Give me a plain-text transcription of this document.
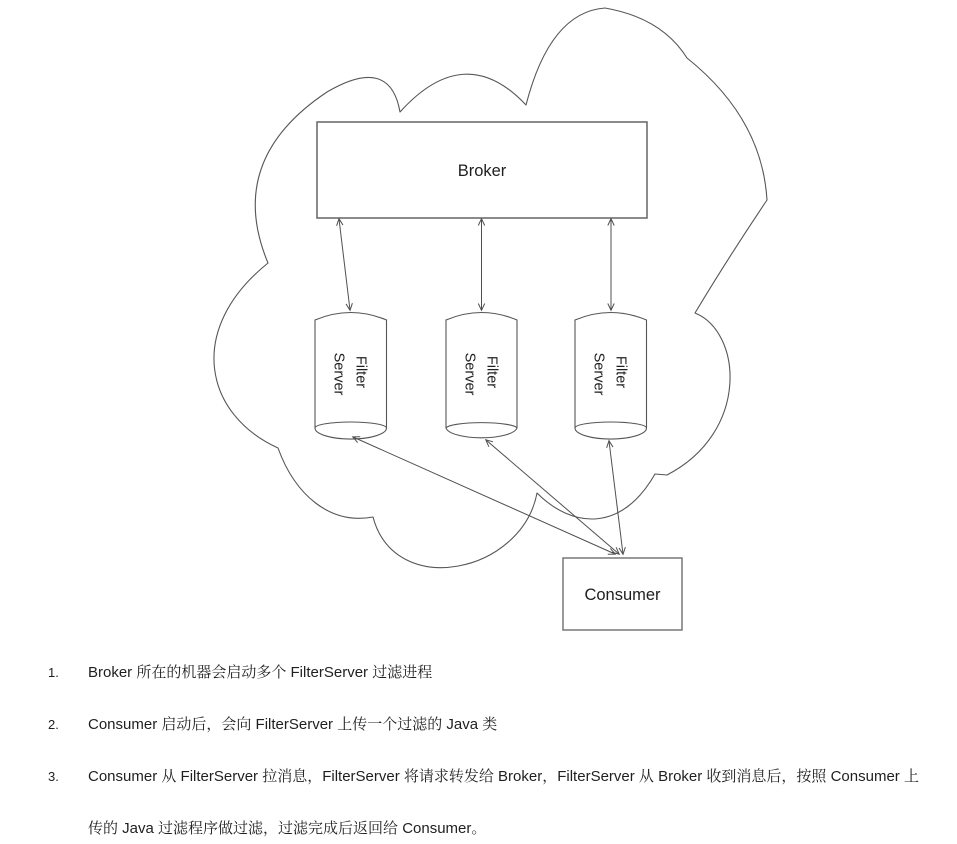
Broker
Filter Server	Filter Server	Filter Server
Consumer
1.	Broker 所在的机器会启动多个 FilterServer 过滤进程
2.	Consumer 启动后，会向 FilterServer 上传一个过滤的 Java 类
3.	Consumer 从 FilterServer 拉消息，FilterServer 将请求转发给 Broker，FilterServer 从 Broker 收到消息后，按照 Consumer 上传的 Java 过滤程序做过滤，过滤完成后返回给 Consumer。
